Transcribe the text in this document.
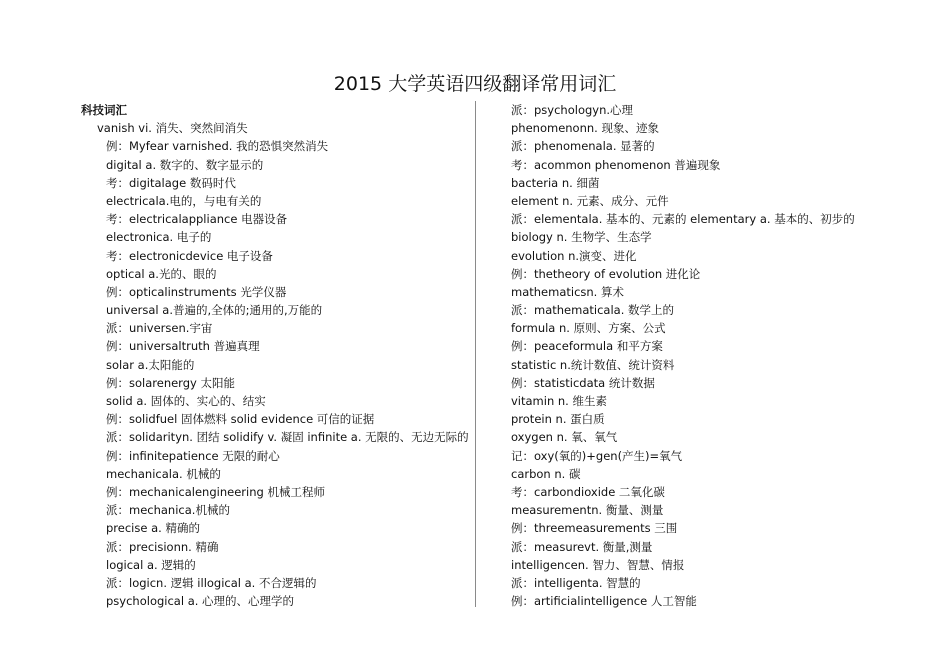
2015 大学英语四级翻译常用词汇
科技词汇
vanish vi. 消失、突然间消失
例：Myfear varnished. 我的恐惧突然消失
digital a. 数字的、数字显示的
考：digitalage 数码时代
electricala.电的，与电有关的
考：electricalappliance 电器设备
electronica. 电子的
考：electronicdevice 电子设备
optical a.光的、眼的
例：opticalinstruments 光学仪器
universal a.普遍的,全体的;通用的,万能的
派：universen.宇宙
例：universaltruth 普遍真理
solar a.太阳能的
例：solarenergy 太阳能
solid a. 固体的、实心的、结实
例：solidfuel 固体燃料 solid evidence 可信的证据
派：solidarityn. 团结 solidify v. 凝固 infinite a. 无限的、无边无际的
例：infinitepatience 无限的耐心
mechanicala. 机械的
例：mechanicalengineering 机械工程师
派：mechanica.机械的
precise a. 精确的
派：precisionn. 精确
logical a. 逻辑的
派：logicn. 逻辑 illogical a. 不合逻辑的
psychological a. 心理的、心理学的
派：psychologyn.心理
phenomenonn. 现象、迹象
派：phenomenala. 显著的
考：acommon phenomenon 普遍现象
bacteria n. 细菌
element n. 元素、成分、元件
派：elementala. 基本的、元素的 elementary a. 基本的、初步的
biology n. 生物学、生态学
evolution n.演变、进化
例：thetheory of evolution 进化论
mathematicsn. 算术
派：mathematicala. 数学上的
formula n. 原则、方案、公式
例：peaceformula 和平方案
statistic n.统计数值、统计资料
例：statisticdata 统计数据
vitamin n. 维生素
protein n. 蛋白质
oxygen n. 氧、氧气
记：oxy(氧的)+gen(产生)=氧气
carbon n. 碳
考：carbondioxide 二氧化碳
measurementn. 衡量、测量
例：threemeasurements 三围
派：measurevt. 衡量,测量
intelligencen. 智力、智慧、情报
派：intelligenta. 智慧的
例：artificialintelligence 人工智能
